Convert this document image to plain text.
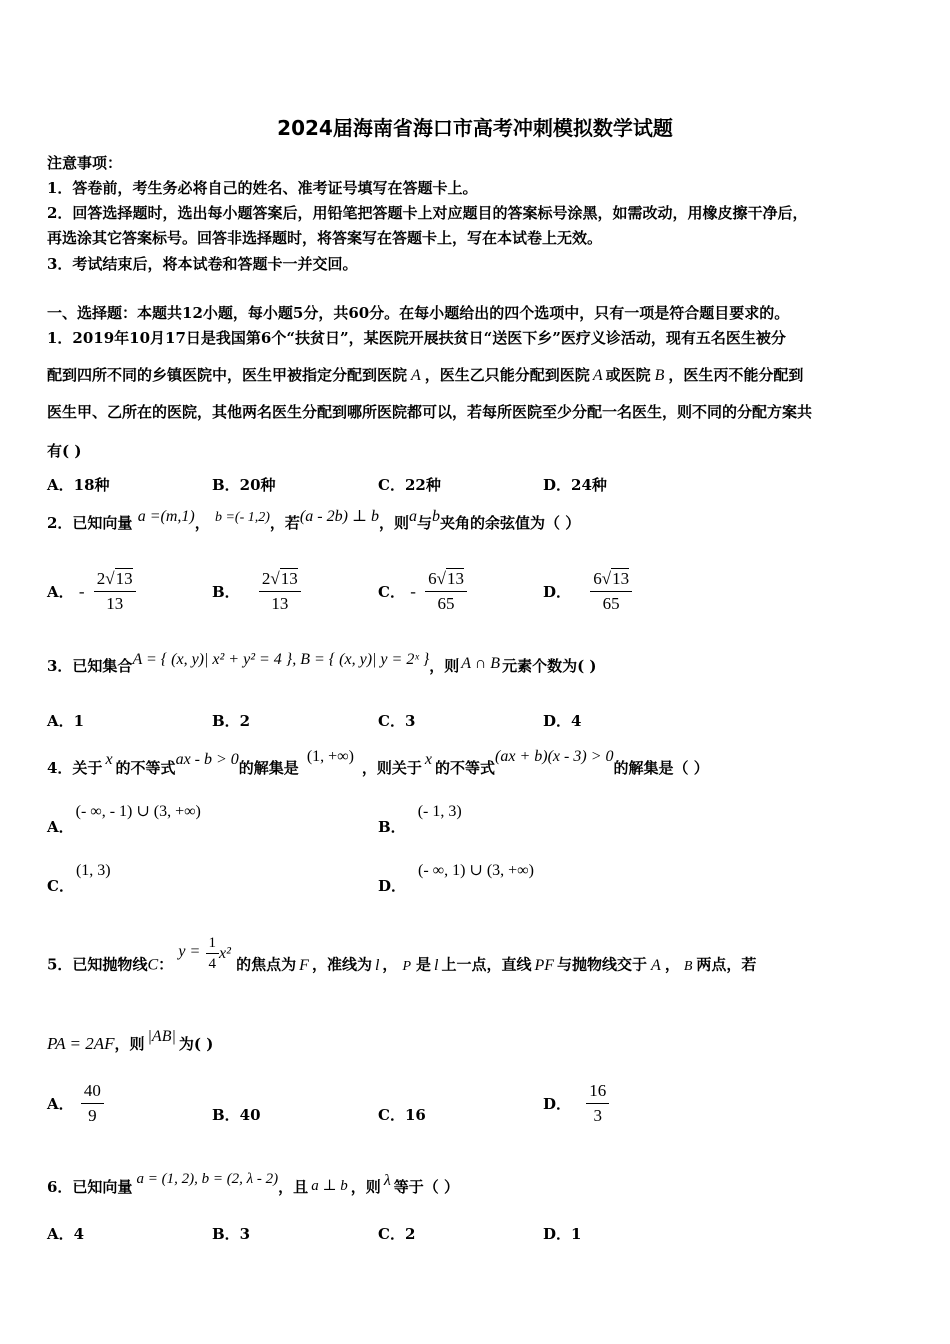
2024届海南省海口市高考冲刺模拟数学试题
注意事项：
1．答卷前，考生务必将自己的姓名、准考证号填写在答题卡上。
2．回答选择题时，选出每小题答案后，用铅笔把答题卡上对应题目的答案标号涂黑，如需改动，用橡皮擦干净后，
再选涂其它答案标号。回答非选择题时，将答案写在答题卡上，写在本试卷上无效。
3．考试结束后，将本试卷和答题卡一并交回。
一、选择题：本题共12小题，每小题5分，共60分。在每小题给出的四个选项中，只有一项是符合题目要求的。
1．2019年10月17日是我国第6个“扶贫日”，某医院开展扶贫日“送医下乡”医疗义诊活动，现有五名医生被分
配到四所不同的乡镇医院中，医生甲被指定分配到医院 A ，医生乙只能分配到医院 A 或医院 B ，医生丙不能分配到
医生甲、乙所在的医院，其他两名医生分配到哪所医院都可以，若每所医院至少分配一名医生，则不同的分配方案共
有( )
A．18种	B．20种	C．22种	D．24种
2．已知向量 a =(m,1)， b =(- 1,2)，若(a - 2b) ⊥ b，则a与b夹角的余弦值为（ ）
A． - $\frac{2√13}{13}$	B． $\frac{2√13}{13}$	C． - $\frac{6√13}{65}$	D． $\frac{6√13}{65}$
3．已知集合A = { (x, y)| x² + y² = 4 }, B = { (x, y)| y = 2ˣ }，则 A ∩ B 元素个数为( )
A．1	B．2	C．3	D．4
4．关于 x 的不等式ax - b > 0的解集是(1, +∞)，则关于 x 的不等式(ax + b)(x - 3) > 0的解集是（ ）
A．(- ∞, - 1) ∪ (3, +∞)
B．(- 1, 3)
C．(1, 3)
D．(- ∞, 1) ∪ (3, +∞)
5．已知抛物线C： $y = \frac{1}{4} x^2$ 的焦点为 F ，准线为 l ， P 是 l 上一点，直线 PF 与抛物线交于 A ， B 两点，若
PA = 2AF，则 |AB| 为( )
A． $\frac{40}{9}$	B．40	C．16
D． $\frac{16}{3}$
6．已知向量 a = (1, 2), b = (2, λ - 2)，且 a ⊥ b ，则 λ 等于（ ）
A．4	B．3	C．2	D．1
